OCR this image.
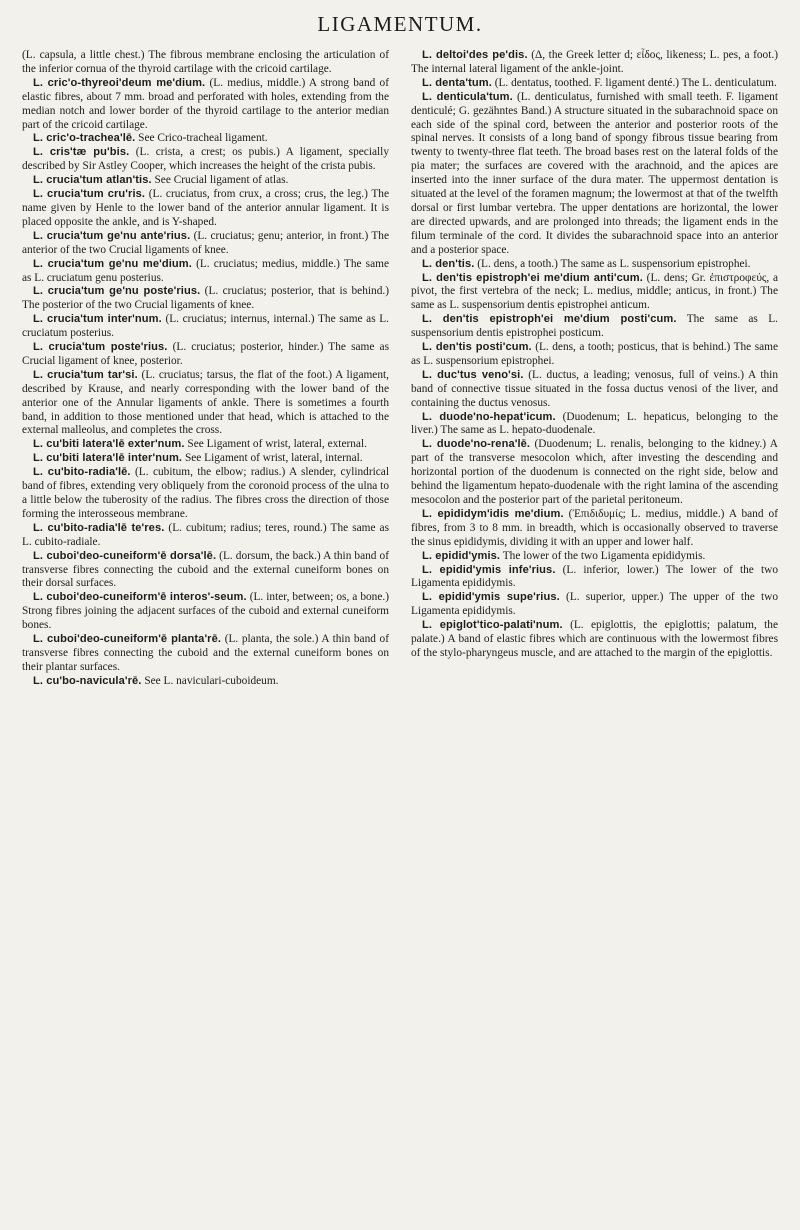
LIGAMENTUM.

(L. capsula, a little chest.) The fibrous membrane enclosing the articulation of the inferior cornua of the thyroid cartilage with the cricoid cartilage.

L. cric'o-thyreoi'deum me'dium. (L. medius, middle.) A strong band of elastic fibres, about 7 mm. broad and perforated with holes, extending from the median notch and lower border of the thyroid cartilage to the anterior median part of the cricoid cartilage.

L. cric'o-trachea'lē. See Crico-tracheal ligament.

L. cris'tæ pu'bis. (L. crista, a crest; os pubis.) A ligament, specially described by Sir Astley Cooper, which increases the height of the crista pubis.

L. crucia'tum atlan'tis. See Crucial ligament of atlas.

L. crucia'tum cru'ris. (L. cruciatus, from crux, a cross; crus, the leg.) The name given by Henle to the lower band of the anterior annular ligament. It is placed opposite the ankle, and is Y-shaped.

L. crucia'tum ge'nu ante'rius. (L. cruciatus; genu; anterior, in front.) The anterior of the two Crucial ligaments of knee.

L. crucia'tum ge'nu me'dium. (L. cruciatus; medius, middle.) The same as L. cruciatum genu posterius.

L. crucia'tum ge'nu poste'rius. (L. cruciatus; posterior, that is behind.) The posterior of the two Crucial ligaments of knee.

L. crucia'tum inter'num. (L. cruciatus; internus, internal.) The same as L. cruciatum posterius.

L. crucia'tum poste'rius. (L. cruciatus; posterior, hinder.) The same as Crucial ligament of knee, posterior.

L. crucia'tum tar'si. (L. cruciatus; tarsus, the flat of the foot.) A ligament, described by Krause, and nearly corresponding with the lower band of the anterior one of the Annular ligaments of ankle. There is sometimes a fourth band, in addition to those mentioned under that head, which is attached to the external malleolus, and completes the cross.

L. cu'biti latera'lē exter'num. See Ligament of wrist, lateral, external.

L. cu'biti latera'lē inter'num. See Ligament of wrist, lateral, internal.

L. cu'bito-radia'lē. (L. cubitum, the elbow; radius.) A slender, cylindrical band of fibres, extending very obliquely from the coronoid process of the ulna to a little below the tuberosity of the radius. The fibres cross the direction of those forming the interosseous membrane.

L. cu'bito-radia'lē te'res. (L. cubitum; radius; teres, round.) The same as L. cubito-radiale.

L. cuboi'deo-cuneiform'ē dorsa'lē. (L. dorsum, the back.) A thin band of transverse fibres connecting the cuboid and the external cuneiform bones on their dorsal surfaces.

L. cuboi'deo-cuneiform'ē interos'-seum. (L. inter, between; os, a bone.) Strong fibres joining the adjacent surfaces of the cuboid and external cuneiform bones.

L. cuboi'deo-cuneiform'ē planta'rē. (L. planta, the sole.) A thin band of transverse fibres connecting the cuboid and the external cuneiform bones on their plantar surfaces.

L. cu'bo-navicula'rē. See L. naviculari-cuboideum.

L. deltoi'des pe'dis. (Δ, the Greek letter d; εἶδος, likeness; L. pes, a foot.) The internal lateral ligament of the ankle-joint.

L. denta'tum. (L. dentatus, toothed. F. ligament denté.) The L. denticulatum.

L. denticula'tum. (L. denticulatus, furnished with small teeth. F. ligament denticulé; G. gezähntes Band.) A structure situated in the subarachnoid space on each side of the spinal cord, between the anterior and posterior roots of the spinal nerves. It consists of a long band of spongy fibrous tissue bearing from twenty to twenty-three flat teeth. The broad bases rest on the lateral folds of the pia mater; the surfaces are covered with the arachnoid, and the apices are inserted into the inner surface of the dura mater. The uppermost dentation is situated at the level of the foramen magnum; the lowermost at that of the twelfth dorsal or first lumbar vertebra. The upper dentations are horizontal, the lower are directed upwards, and are prolonged into threads; the ligament ends in the filum terminale of the cord. It divides the subarachnoid space into an anterior and a posterior space.

L. den'tis. (L. dens, a tooth.) The same as L. suspensorium epistrophei.

L. den'tis epistroph'ei me'dium anti'cum. (L. dens; Gr. ἐπιστροφεύς, a pivot, the first vertebra of the neck; L. medius, middle; anticus, in front.) The same as L. suspensorium dentis epistrophei anticum.

L. den'tis epistroph'ei me'dium posti'cum. The same as L. suspensorium dentis epistrophei posticum.

L. den'tis posti'cum. (L. dens, a tooth; posticus, that is behind.) The same as L. suspensorium epistrophei.

L. duc'tus veno'si. (L. ductus, a leading; venosus, full of veins.) A thin band of connective tissue situated in the fossa ductus venosi of the liver, and containing the ductus venosus.

L. duode'no-hepat'icum. (Duodenum; L. hepaticus, belonging to the liver.) The same as L. hepato-duodenale.

L. duode'no-rena'lē. (Duodenum; L. renalis, belonging to the kidney.) A part of the transverse mesocolon which, after investing the descending and horizontal portion of the duodenum is connected on the right side, below and behind the ligamentum hepato-duodenale with the right lamina of the ascending mesocolon and the posterior part of the parietal peritoneum.

L. epididym'idis me'dium. (Ἐπιδιδυμίς; L. medius, middle.) A band of fibres, from 3 to 8 mm. in breadth, which is occasionally observed to traverse the sinus epididymis, dividing it with an upper and lower half.

L. epidid'ymis. The lower of the two Ligamenta epididymis.

L. epidid'ymis infe'rius. (L. inferior, lower.) The lower of the two Ligamenta epididymis.

L. epidid'ymis supe'rius. (L. superior, upper.) The upper of the two Ligamenta epididymis.

L. epiglot'tico-palati'num. (L. epiglottis, the epiglottis; palatum, the palate.) A band of elastic fibres which are continuous with the lowermost fibres of the stylo-pharyngeus muscle, and are attached to the margin of the epiglottis.
